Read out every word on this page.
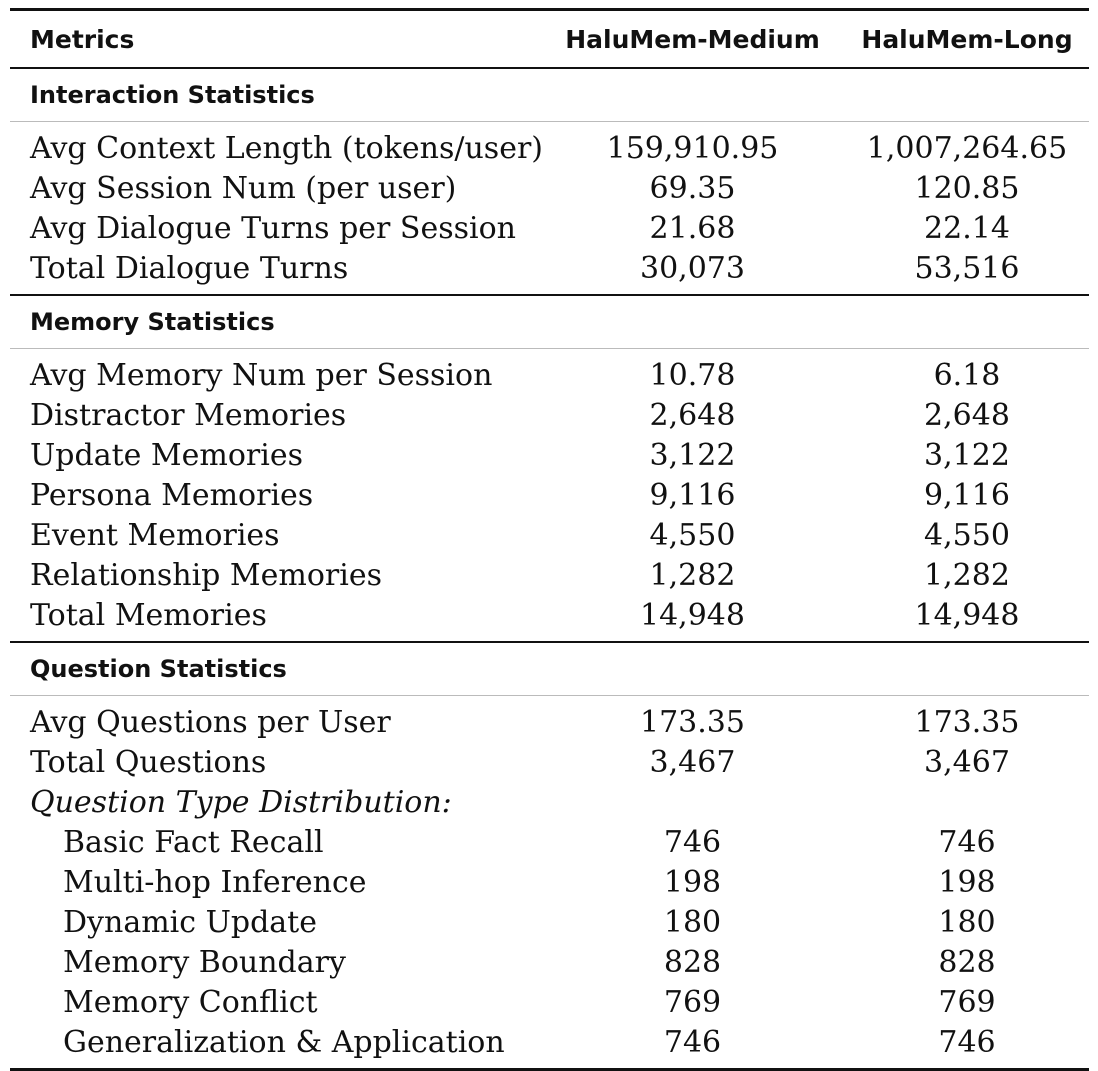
Metrics	HaluMem-Medium	HaluMem-Long
Interaction Statistics		
Avg Context Length (tokens/user)	159,910.95	1,007,264.65
Avg Session Num (per user)	69.35	120.85
Avg Dialogue Turns per Session	21.68	22.14
Total Dialogue Turns	30,073	53,516
Memory Statistics		
Avg Memory Num per Session	10.78	6.18
Distractor Memories	2,648	2,648
Update Memories	3,122	3,122
Persona Memories	9,116	9,116
Event Memories	4,550	4,550
Relationship Memories	1,282	1,282
Total Memories	14,948	14,948
Question Statistics		
Avg Questions per User	173.35	173.35
Total Questions	3,467	3,467
Question Type Distribution:		
Basic Fact Recall	746	746
Multi-hop Inference	198	198
Dynamic Update	180	180
Memory Boundary	828	828
Memory Conflict	769	769
Generalization & Application	746	746
